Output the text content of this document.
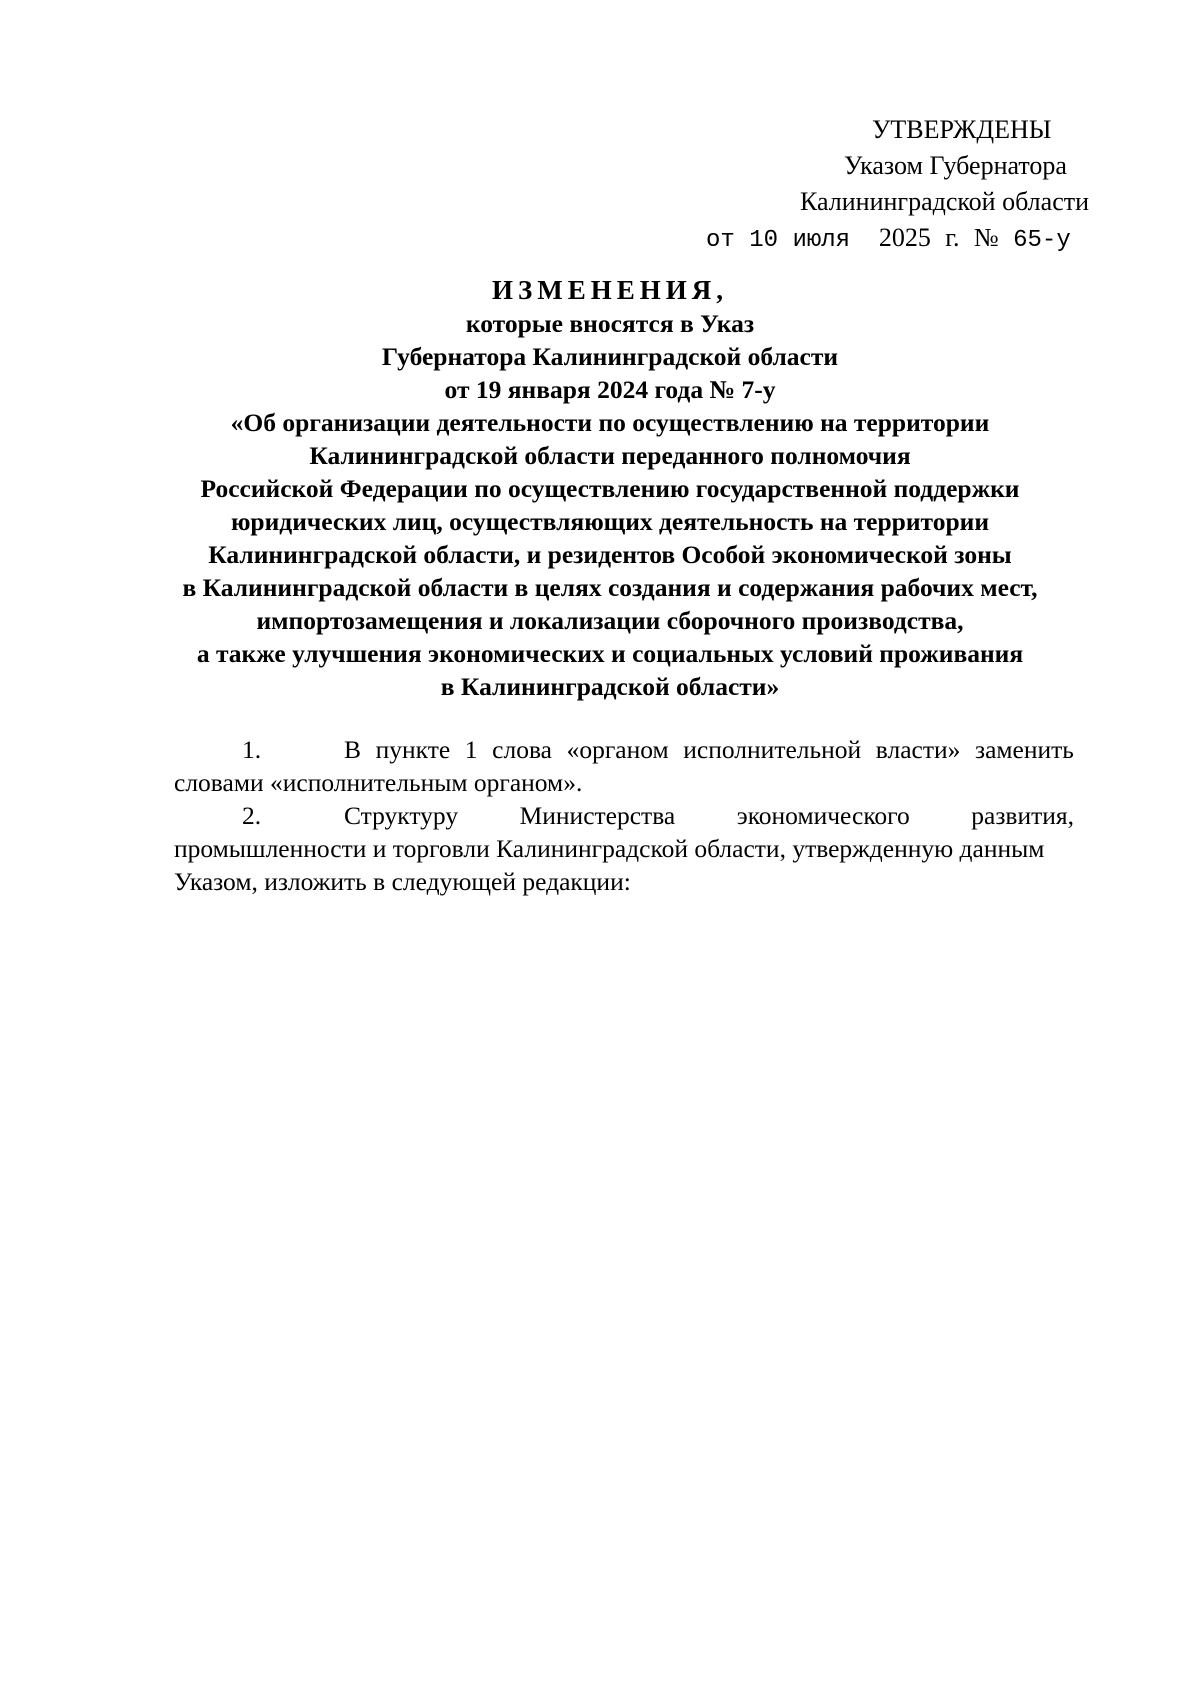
УТВЕРЖДЕНЫ
Указом Губернатора
Калининградской области
от 10 июля 2025 г. № 65-у
ИЗМЕНЕНИЯ,
которые вносятся в Указ
Губернатора Калининградской области
от 19 января 2024 года № 7-у
«Об организации деятельности по осуществлению на территории
Калининградской области переданного полномочия
Российской Федерации по осуществлению государственной поддержки
юридических лиц, осуществляющих деятельность на территории
Калининградской области, и резидентов Особой экономической зоны
в Калининградской области в целях создания и содержания рабочих мест,
импортозамещения и локализации сборочного производства,
а также улучшения экономических и социальных условий проживания
в Калининградской области»
1.	В пункте 1 слова «органом исполнительной власти» заменить
словами «исполнительным органом».
2.	Структуру Министерства экономического развития,
промышленности и торговли Калининградской области, утвержденную данным
Указом, изложить в следующей редакции:
